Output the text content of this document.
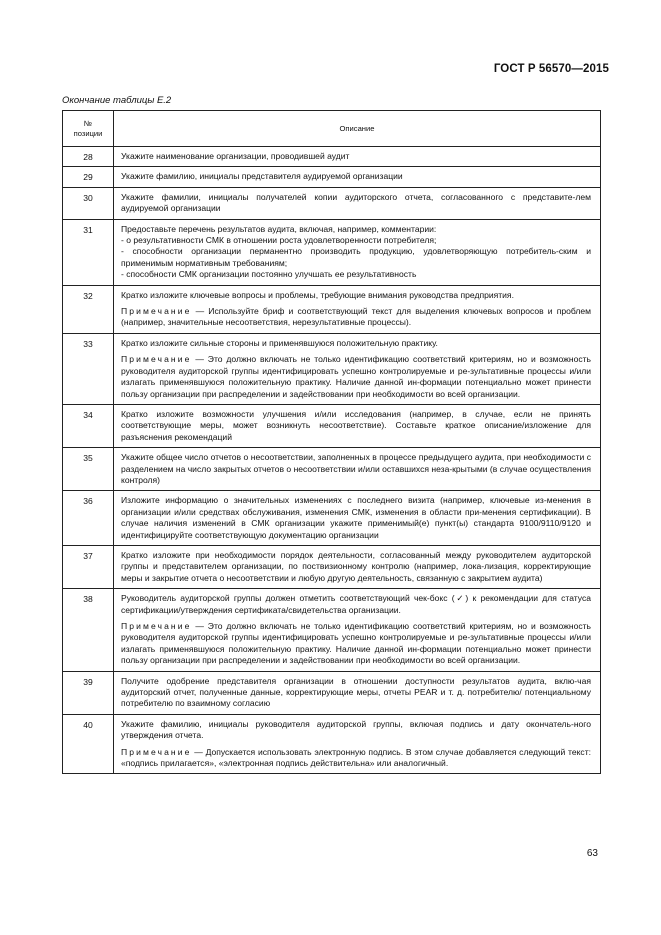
ГОСТ Р 56570—2015
Окончание таблицы Е.2
№
позиции	Описание
28	Укажите наименование организации, проводившей аудит

29	Укажите фамилию, инициалы представителя аудируемой организации

30	Укажите фамилии, инициалы получателей копии аудиторского отчета, согласованного с представите-лем аудируемой организации

31	Предоставьте перечень результатов аудита, включая, например, комментарии:
- о результативности СМК в отношении роста удовлетворенности потребителя;
- способности организации перманентно производить продукцию, удовлетворяющую потребитель-ским и применимым нормативным требованиям;
- способности СМК организации постоянно улучшать ее результативность

32	Кратко изложите ключевые вопросы и проблемы, требующие внимания руководства предприятия.

Примечание — Используйте бриф и соответствующий текст для выделения ключевых вопросов и проблем (например, значительные несоответствия, нерезультативные процессы).

33	Кратко изложите сильные стороны и применявшуюся положительную практику.

Примечание — Это должно включать не только идентификацию соответствий критериям, но и возможность руководителя аудиторской группы идентифицировать успешно контролируемые и ре-зультативные процессы и/или излагать применявшуюся положительную практику. Наличие данной ин-формации потенциально может принести пользу организации при распределении и задействовании при необходимости во всей организации.

34	Кратко изложите возможности улучшения и/или исследования (например, в случае, если не принять соответствующие меры, может возникнуть несоответствие). Составьте краткое описание/изложение для разъяснения рекомендаций

35	Укажите общее число отчетов о несоответствии, заполненных в процессе предыдущего аудита, при необходимости с разделением на число закрытых отчетов о несоответствии и/или оставшихся неза-крытыми (в случае осуществления контроля)

36	Изложите информацию о значительных изменениях с последнего визита (например, ключевые из-менения в организации и/или средствах обслуживания, изменения СМК, изменения в области при-менения сертификации). В случае наличия изменений в СМК организации укажите применимый(е) пункт(ы) стандарта 9100/9110/9120 и идентифицируйте соответствующую документацию организации

37	Кратко изложите при необходимости порядок деятельности, согласованный между руководителем аудиторской группы и представителем организации, по поствизионному контролю (например, лока-лизация, корректирующие меры и закрытие отчета о несоответствии и любую другую деятельность, связанную с закрытием аудита)

38	Руководитель аудиторской группы должен отметить соответствующий чек-бокс (✓) к рекомендации для статуса сертификации/утверждения сертификата/свидетельства организации.

Примечание — Это должно включать не только идентификацию соответствий критериям, но и возможность руководителя аудиторской группы идентифицировать успешно контролируемые и ре-зультативные процессы и/или излагать применявшуюся положительную практику. Наличие данной ин-формации потенциально может принести пользу организации при распределении и задействовании при необходимости во всей организации.

39	Получите одобрение представителя организации в отношении доступности результатов аудита, вклю-чая аудиторский отчет, полученные данные, корректирующие меры, отчеты PEAR и т. д. потребителю/ потенциальному потребителю по взаимному согласию

40	Укажите фамилию, инициалы руководителя аудиторской группы, включая подпись и дату окончатель-ного утверждения отчета.

Примечание — Допускается использовать электронную подпись. В этом случае добавляется следующий текст: «подпись прилагается», «электронная подпись действительна» или аналогичный.

63
